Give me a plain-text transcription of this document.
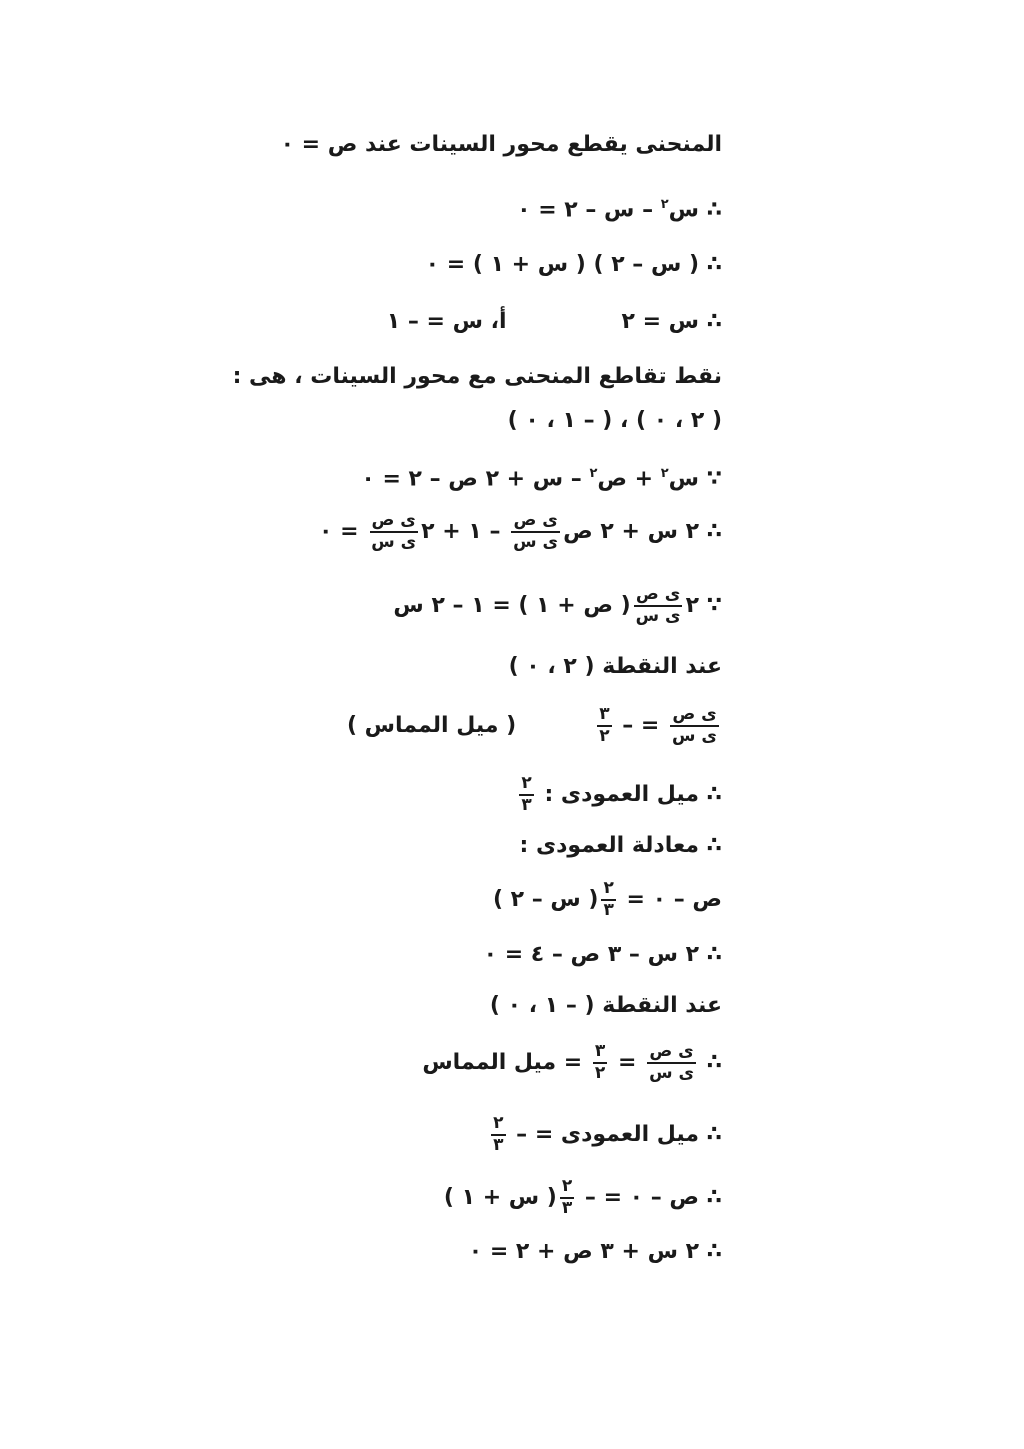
المنحنى يقطع محور السينات عند ص = ٠
∴ س$^٢$ – س – ٢ = ٠
∴ ( س – ٢ ) ( س + ١ ) = ٠
∴ س = ٢أ، س = – ١
نقط تقاطع المنحنى مع محور السينات ، هى :
( ٢ ، ٠ ) ، ( – ١ ، ٠ )
∵ س$^٢$ + ص$^٢$ – س + ٢ ص – ٢ = ٠
∴ ٢ س + ٢ ص
$\frac{\text{ى ص}}{\text{ى س}}$
– ١ + ٢
$\frac{\text{ى ص}}{\text{ى س}}$
= ٠
∵ ٢
$\frac{\text{ى ص}}{\text{ى س}}$
( ص + ١ ) = ١ – ٢ س
عند النقطة ( ٢ ، ٠ )
$\frac{\text{ى ص}}{\text{ى س}}$
= –
$\frac{٣}{٢}$
( ميل المماس )
∴ ميل العمودى :
$\frac{٢}{٣}$
∴ معادلة العمودى :
ص – ٠ =
$\frac{٢}{٣}$
( س – ٢ )
∴ ٢ س – ٣ ص – ٤ = ٠
عند النقطة ( – ١ ، ٠ )
∴
$\frac{\text{ى ص}}{\text{ى س}}$
=
$\frac{٣}{٢}$
= ميل المماس
∴ ميل العمودى = –
$\frac{٢}{٣}$
∴ ص – ٠ = –
$\frac{٢}{٣}$
( س + ١ )
∴ ٢ س + ٣ ص + ٢ = ٠
